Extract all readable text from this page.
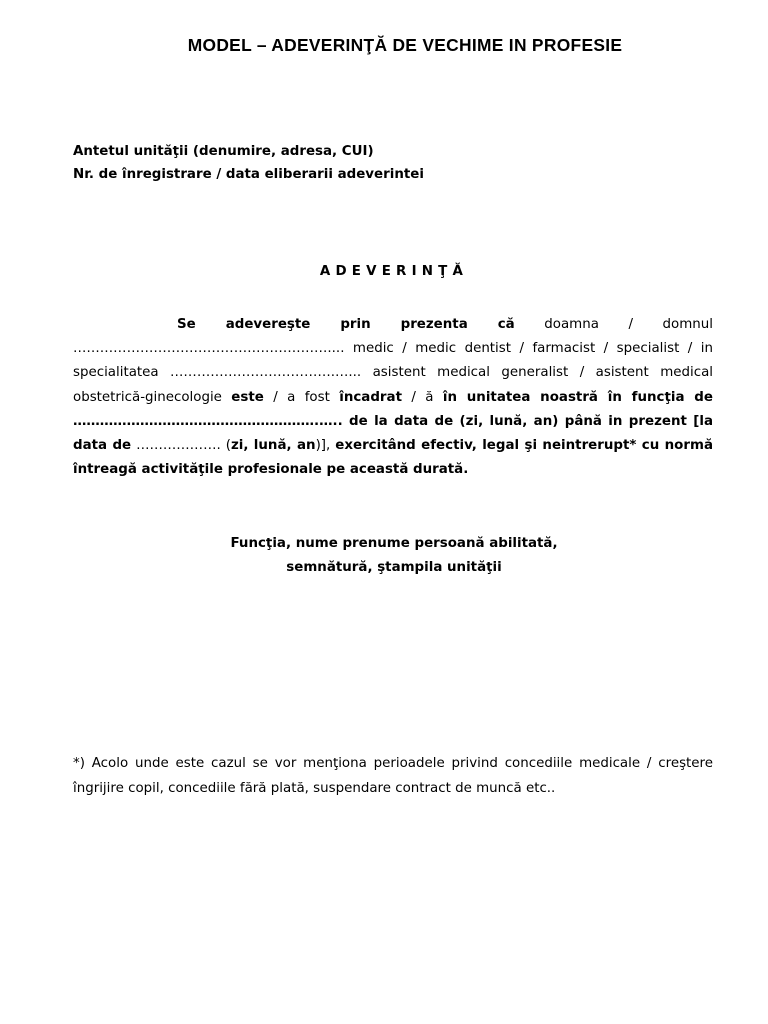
MODEL – ADEVERINŢĂ DE VECHIME IN PROFESIE
Antetul unităţii (denumire, adresa, CUI)
Nr. de înregistrare / data eliberarii adeverintei
ADEVERINŢĂ
Se adevereşte prin prezenta că doamna / domnul ………………………………………………….... medic / medic dentist / farmacist / specialist / in specialitatea ……………………………….…... asistent medical generalist / asistent medical obstetrică-ginecologie este / a fost încadrat / ă în unitatea noastră în funcţia de ……………………………………………….….. de la data de (zi, lună, an) până in prezent [la data de ………………. (zi, lună, an)], exercitând efectiv, legal şi neintrerupt* cu normă întreagă activităţile profesionale pe această durată.
Funcţia, nume prenume persoană abilitată,
semnătură, ştampila unităţii
*) Acolo unde este cazul se vor menţiona perioadele privind concediile medicale / creştere îngrijire copil, concediile fără plată, suspendare contract de muncă etc..
